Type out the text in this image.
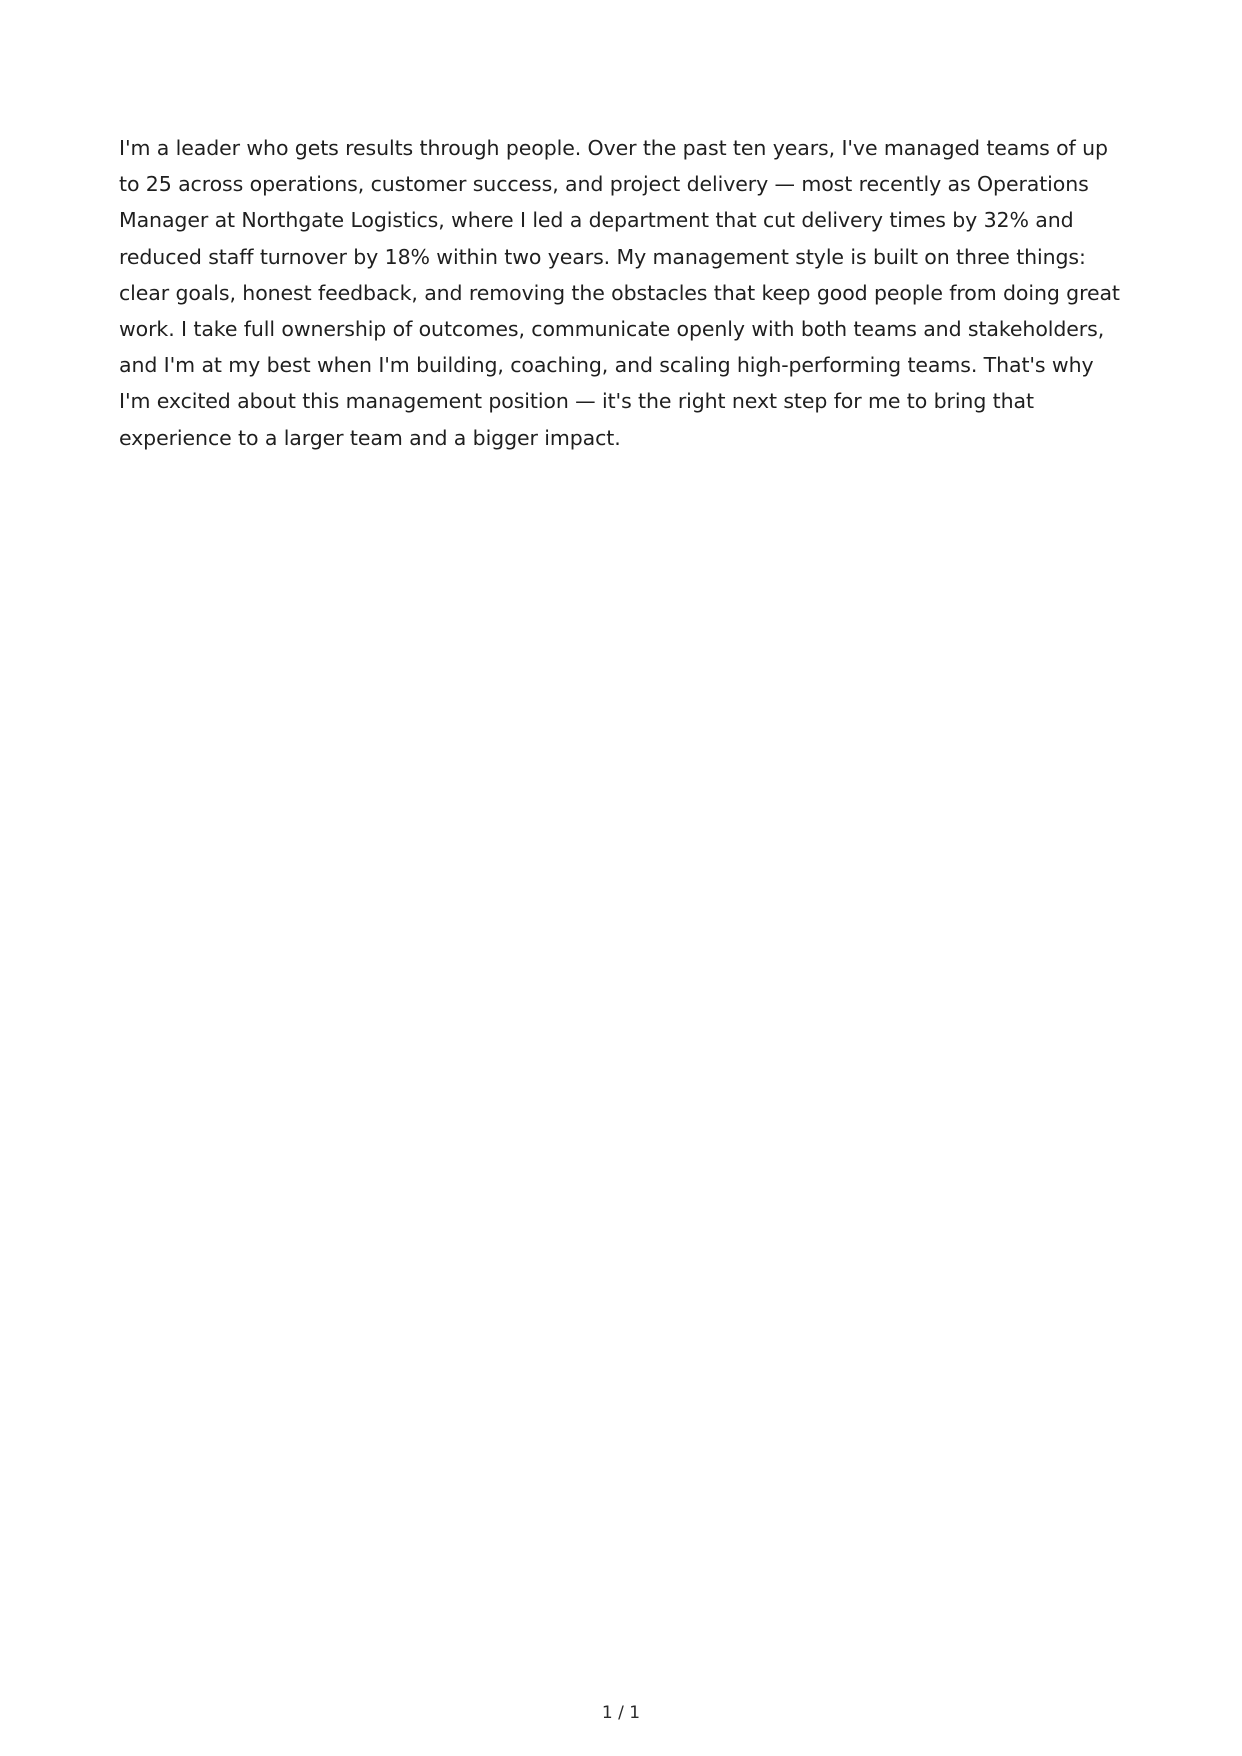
I'm a leader who gets results through people. Over the past ten years, I've managed teams of up to 25 across operations, customer success, and project delivery — most recently as Operations Manager at Northgate Logistics, where I led a department that cut delivery times by 32% and reduced staff turnover by 18% within two years. My management style is built on three things: clear goals, honest feedback, and removing the obstacles that keep good people from doing great work. I take full ownership of outcomes, communicate openly with both teams and stakeholders, and I'm at my best when I'm building, coaching, and scaling high-performing teams. That's why I'm excited about this management position — it's the right next step for me to bring that experience to a larger team and a bigger impact.

1 / 1
